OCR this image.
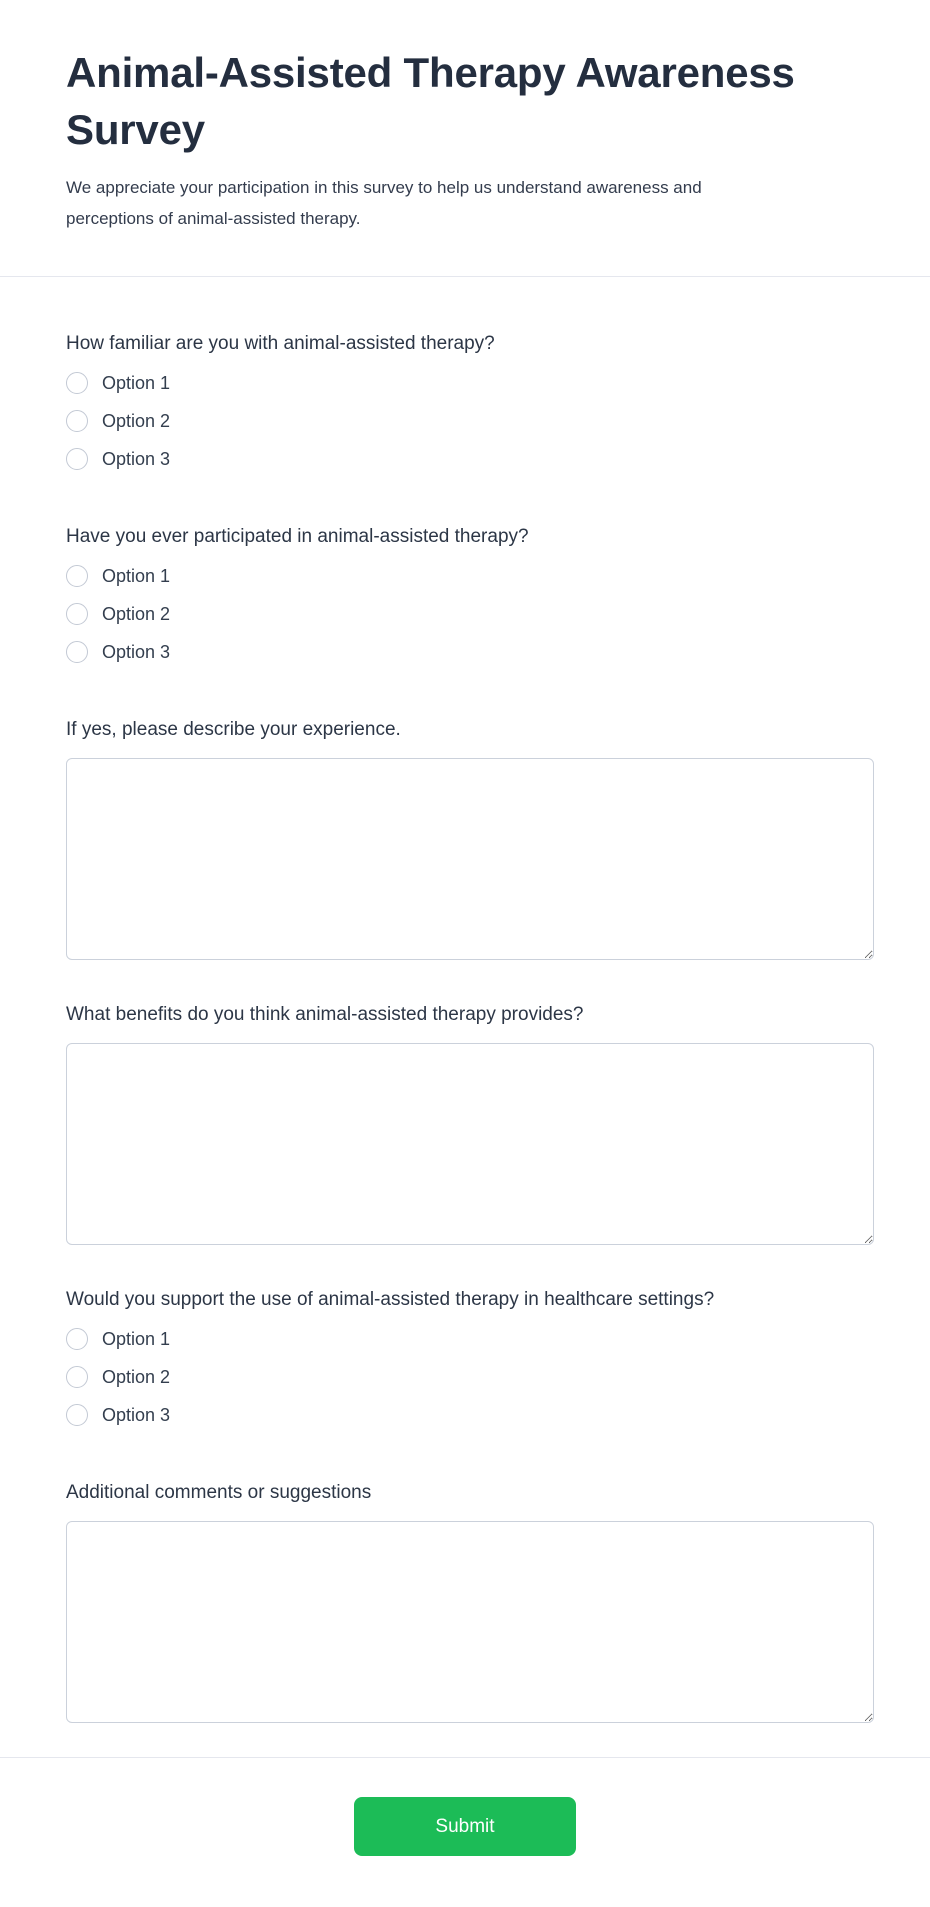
Animal-Assisted Therapy Awareness Survey

We appreciate your participation in this survey to help us understand awareness and perceptions of animal-assisted therapy.

How familiar are you with animal-assisted therapy?
Option 1
Option 2
Option 3
Have you ever participated in animal-assisted therapy?
Option 1
Option 2
Option 3
If yes, please describe your experience.
What benefits do you think animal-assisted therapy provides?
Would you support the use of animal-assisted therapy in healthcare settings?
Option 1
Option 2
Option 3
Additional comments or suggestions
Submit
